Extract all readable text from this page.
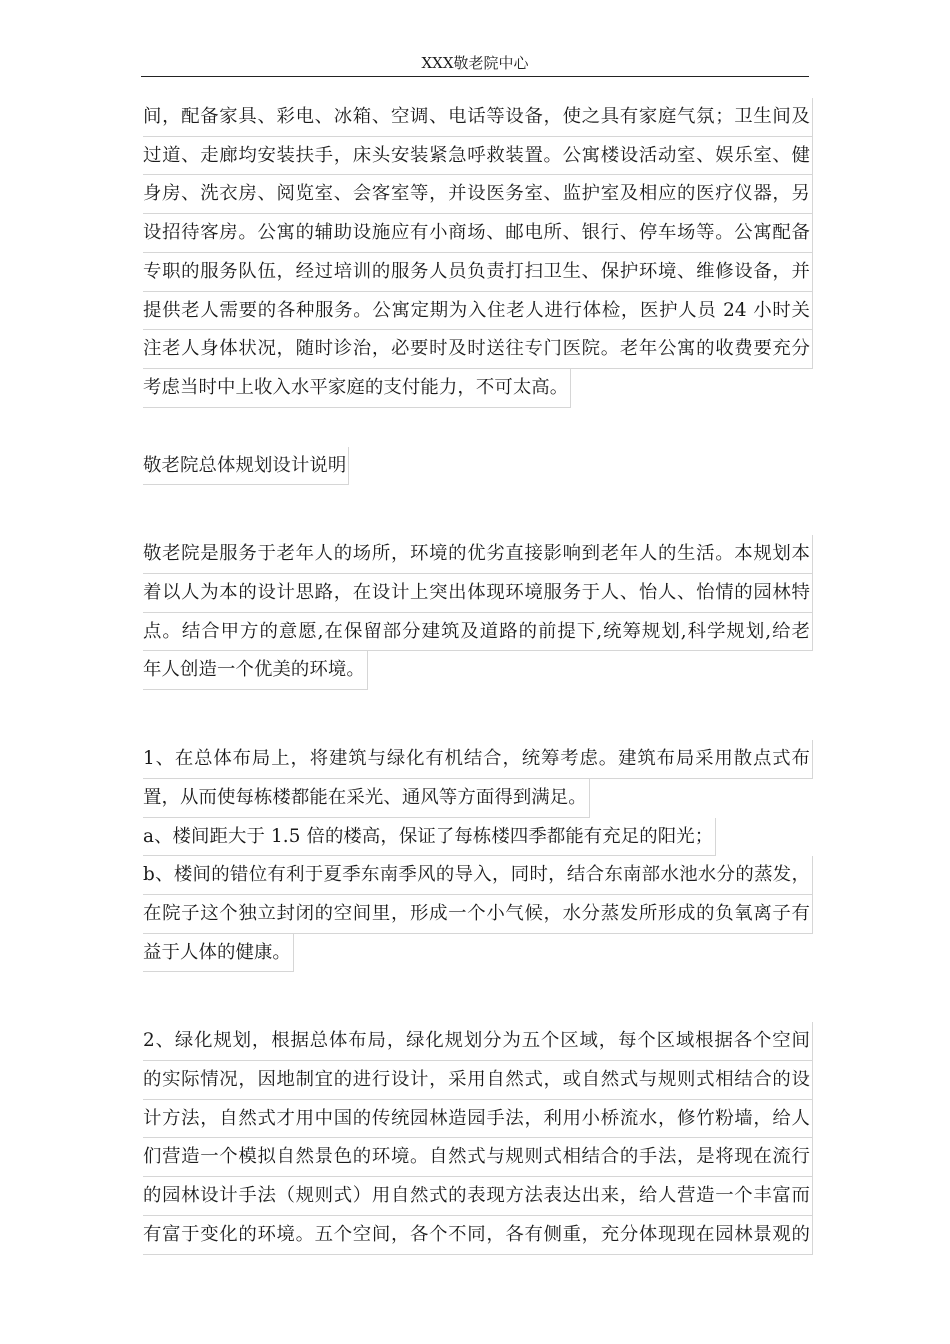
XXX敬老院中心
间，配备家具、彩电、冰箱、空调、电话等设备，使之具有家庭气氛；卫生间及
过道、走廊均安装扶手，床头安装紧急呼救装置。公寓楼设活动室、娱乐室、健
身房、洗衣房、阅览室、会客室等，并设医务室、监护室及相应的医疗仪器，另
设招待客房。公寓的辅助设施应有小商场、邮电所、银行、停车场等。公寓配备
专职的服务队伍，经过培训的服务人员负责打扫卫生、保护环境、维修设备，并
提供老人需要的各种服务。公寓定期为入住老人进行体检，医护人员 24 小时关
注老人身体状况，随时诊治，必要时及时送往专门医院。老年公寓的收费要充分
考虑当时中上收入水平家庭的支付能力，不可太高。
敬老院总体规划设计说明
敬老院是服务于老年人的场所，环境的优劣直接影响到老年人的生活。本规划本
着以人为本的设计思路，在设计上突出体现环境服务于人、怡人、怡情的园林特
点。结合甲方的意愿,在保留部分建筑及道路的前提下,统筹规划,科学规划,给老
年人创造一个优美的环境。
1、在总体布局上，将建筑与绿化有机结合，统筹考虑。建筑布局采用散点式布
置，从而使每栋楼都能在采光、通风等方面得到满足。
a、楼间距大于 1.5 倍的楼高，保证了每栋楼四季都能有充足的阳光；
b、楼间的错位有利于夏季东南季风的导入，同时，结合东南部水池水分的蒸发，
在院子这个独立封闭的空间里，形成一个小气候，水分蒸发所形成的负氧离子有
益于人体的健康。
2、绿化规划，根据总体布局，绿化规划分为五个区域，每个区域根据各个空间
的实际情况，因地制宜的进行设计，采用自然式，或自然式与规则式相结合的设
计方法，自然式才用中国的传统园林造园手法，利用小桥流水，修竹粉墙，给人
们营造一个模拟自然景色的环境。自然式与规则式相结合的手法，是将现在流行
的园林设计手法（规则式）用自然式的表现方法表达出来，给人营造一个丰富而
有富于变化的环境。五个空间，各个不同，各有侧重，充分体现现在园林景观的
